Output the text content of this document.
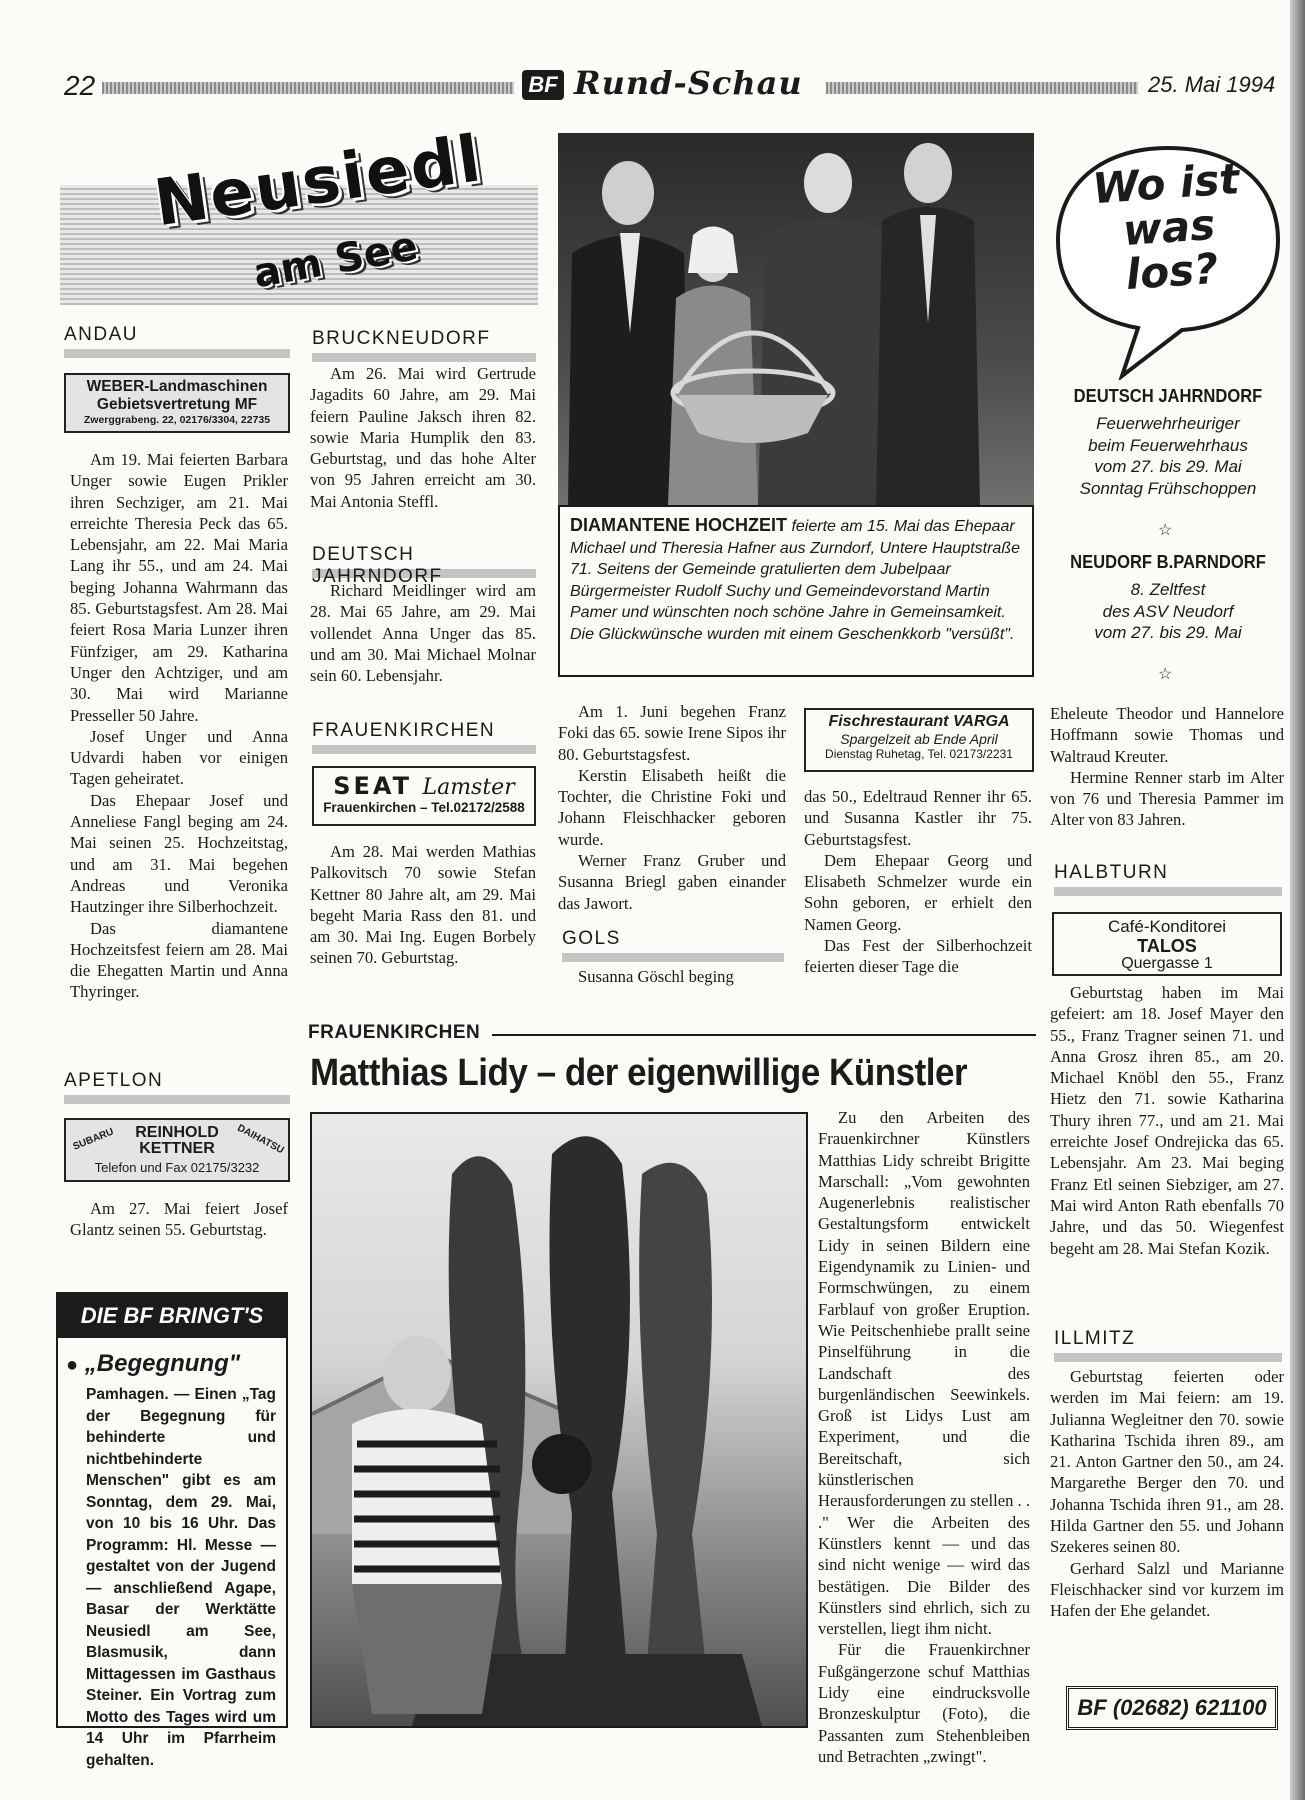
22	BF Rund-Schau	25. Mai 1994
Neusiedl
am See
ANDAU
WEBER-Landmaschinen
Gebietsvertretung MF
Zwerggrabeng. 22, 02176/3304, 22735

Am 19. Mai feierten Barbara Unger sowie Eugen Prikler ihren Sechziger, am 21. Mai erreichte Theresia Peck das 65. Lebensjahr, am 22. Mai Maria Lang ihr 55., und am 24. Mai beging Johanna Wahrmann das 85. Geburtstagsfest. Am 28. Mai feiert Rosa Maria Lunzer ihren Fünfziger, am 29. Katharina Unger den Achtziger, und am 30. Mai wird Marianne Presseller 50 Jahre.

Josef Unger und Anna Udvardi haben vor einigen Tagen geheiratet.

Das Ehepaar Josef und Anneliese Fangl beging am 24. Mai seinen 25. Hochzeitstag, und am 31. Mai begehen Andreas und Veronika Hautzinger ihre Silberhochzeit.

Das diamantene Hochzeitsfest feiern am 28. Mai die Ehegatten Martin und Anna Thyringer.

APETLON
SUBARU	DAIHATSU
REINHOLD
KETTNER
Telefon und Fax 02175/3232

Am 27. Mai feiert Josef Glantz seinen 55. Geburtstag.

DIE BF BRINGT'S
● „Begegnung"
Pamhagen. — Einen „Tag der Begegnung für behinderte und nichtbehinderte Menschen" gibt es am Sonntag, dem 29. Mai, von 10 bis 16 Uhr. Das Programm: Hl. Messe — gestaltet von der Jugend — anschließend Agape, Basar der Werktätte Neusiedl am See, Blasmusik, dann Mittagessen im Gasthaus Steiner. Ein Vortrag zum Motto des Tages wird um 14 Uhr im Pfarrheim gehalten.
BRUCKNEUDORF

Am 26. Mai wird Gertrude Jagadits 60 Jahre, am 29. Mai feiern Pauline Jaksch ihren 82. sowie Maria Humplik den 83. Geburtstag, und das hohe Alter von 95 Jahren erreicht am 30. Mai Antonia Steffl.

DEUTSCH JAHRNDORF

Richard Meidlinger wird am 28. Mai 65 Jahre, am 29. Mai vollendet Anna Unger das 85. und am 30. Mai Michael Molnar sein 60. Lebensjahr.

FRAUENKIRCHEN
SEAT Lamster
Frauenkirchen – Tel.02172/2588

Am 28. Mai werden Mathias Palkovitsch 70 sowie Stefan Kettner 80 Jahre alt, am 29. Mai begeht Maria Rass den 81. und am 30. Mai Ing. Eugen Borbely seinen 70. Geburtstag.

DIAMANTENE HOCHZEIT feierte am 15. Mai das Ehepaar Michael und Theresia Hafner aus Zurndorf, Untere Hauptstraße 71. Seitens der Gemeinde gratulierten dem Jubelpaar Bürgermeister Rudolf Suchy und Gemeindevorstand Martin Pamer und wünschten noch schöne Jahre in Gemeinsamkeit. Die Glückwünsche wurden mit einem Geschenkkorb "versüßt".

Am 1. Juni begehen Franz Foki das 65. sowie Irene Sipos ihr 80. Geburtstagsfest.

Kerstin Elisabeth heißt die Tochter, die Christine Foki und Johann Fleischhacker geboren wurde.

Werner Franz Gruber und Susanna Briegl gaben einander das Jawort.

GOLS

Susanna Göschl beging

Fischrestaurant VARGA
Spargelzeit ab Ende April
Dienstag Ruhetag, Tel. 02173/2231

das 50., Edeltraud Renner ihr 65. und Susanna Kastler ihr 75. Geburtstagsfest.

Dem Ehepaar Georg und Elisabeth Schmelzer wurde ein Sohn geboren, er erhielt den Namen Georg.

Das Fest der Silberhochzeit feierten dieser Tage die

FRAUENKIRCHEN
Matthias Lidy – der eigenwillige Künstler

Zu den Arbeiten des Frauenkirchner Künstlers Matthias Lidy schreibt Brigitte Marschall: „Vom gewohnten Augenerlebnis realistischer Gestaltungsform entwickelt Lidy in seinen Bildern eine Eigendynamik zu Linien- und Formschwüngen, zu einem Farblauf von großer Eruption. Wie Peitschenhiebe prallt seine Pinselführung in die Landschaft des burgenländischen Seewinkels. Groß ist Lidys Lust am Experiment, und die Bereitschaft, sich künstlerischen Herausforderungen zu stellen . . ." Wer die Arbeiten des Künstlers kennt — und das sind nicht wenige — wird das bestätigen. Die Bilder des Künstlers sind ehrlich, sich zu verstellen, liegt ihm nicht.

Für die Frauenkirchner Fußgängerzone schuf Matthias Lidy eine eindrucksvolle Bronzeskulptur (Foto), die Passanten zum Stehenbleiben und Betrachten „zwingt".

Wo ist was los?
DEUTSCH JAHRNDORF
Feuerwehrheuriger
beim Feuerwehrhaus
vom 27. bis 29. Mai
Sonntag Frühschoppen
☆
NEUDORF B.PARNDORF
8. Zeltfest
des ASV Neudorf
vom 27. bis 29. Mai
☆

Eheleute Theodor und Hannelore Hoffmann sowie Thomas und Waltraud Kreuter.

Hermine Renner starb im Alter von 76 und Theresia Pammer im Alter von 83 Jahren.

HALBTURN
Café-Konditorei
TALOS
Quergasse 1

Geburtstag haben im Mai gefeiert: am 18. Josef Mayer den 55., Franz Tragner seinen 71. und Anna Grosz ihren 85., am 20. Michael Knöbl den 55., Franz Hietz den 71. sowie Katharina Thury ihren 77., und am 21. Mai erreichte Josef Ondrejicka das 65. Lebensjahr. Am 23. Mai beging Franz Etl seinen Siebziger, am 27. Mai wird Anton Rath ebenfalls 70 Jahre, und das 50. Wiegenfest begeht am 28. Mai Stefan Kozik.

ILLMITZ

Geburtstag feierten oder werden im Mai feiern: am 19. Julianna Wegleitner den 70. sowie Katharina Tschida ihren 89., am 21. Anton Gartner den 50., am 24. Margarethe Berger den 70. und Johanna Tschida ihren 91., am 28. Hilda Gartner den 55. und Johann Szekeres seinen 80.

Gerhard Salzl und Marianne Fleischhacker sind vor kurzem im Hafen der Ehe gelandet.

BF (02682) 621100
